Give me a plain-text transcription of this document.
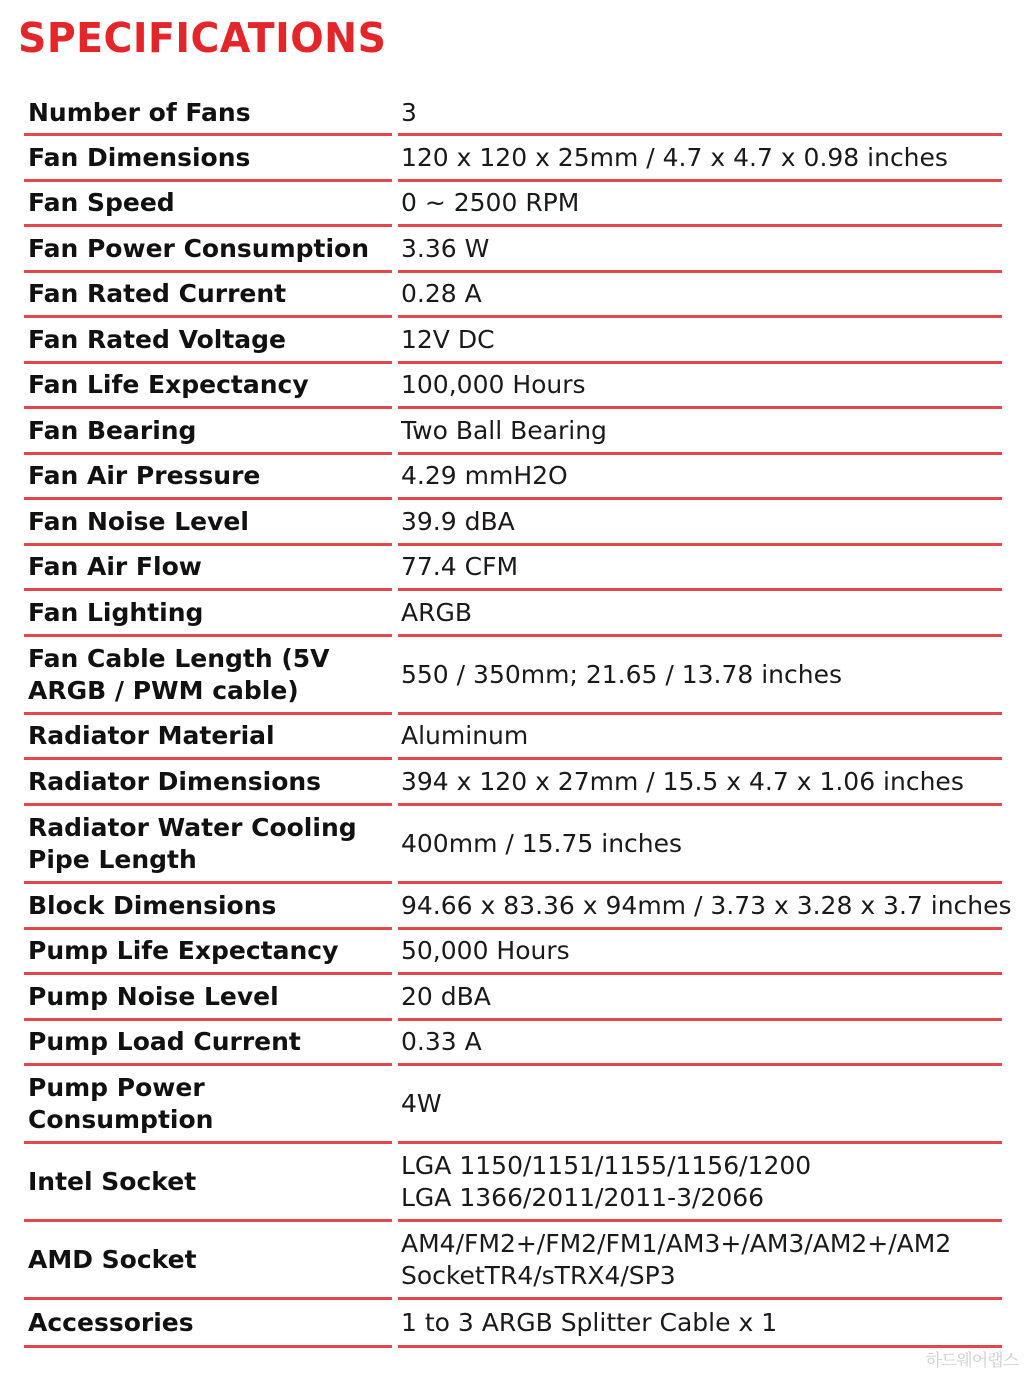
SPECIFICATIONS
Number of Fans		3

Fan Dimensions		120 x 120 x 25mm / 4.7 x 4.7 x 0.98 inches

Fan Speed		0 ~ 2500 RPM

Fan Power Consumption		3.36 W

Fan Rated Current		0.28 A

Fan Rated Voltage		12V DC

Fan Life Expectancy		100,000 Hours

Fan Bearing		Two Ball Bearing

Fan Air Pressure		4.29 mmH2O

Fan Noise Level		39.9 dBA

Fan Air Flow		77.4 CFM

Fan Lighting		ARGB

Fan Cable Length (5V ARGB / PWM cable)		550 / 350mm; 21.65 / 13.78 inches

Radiator Material		Aluminum

Radiator Dimensions		394 x 120 x 27mm / 15.5 x 4.7 x 1.06 inches

Radiator Water Cooling Pipe Length		400mm / 15.75 inches

Block Dimensions		94.66 x 83.36 x 94mm / 3.73 x 3.28 x 3.7 inches

Pump Life Expectancy		50,000 Hours

Pump Noise Level		20 dBA

Pump Load Current		0.33 A

Pump Power Consumption		4W

Intel Socket		LGA 1150/1151/1155/1156/1200
LGA 1366/2011/2011-3/2066

AMD Socket		AM4/FM2+/FM2/FM1/AM3+/AM3/AM2+/AM2
SocketTR4/sTRX4/SP3

Accessories		1 to 3 ARGB Splitter Cable x 1
하드웨어랩스
